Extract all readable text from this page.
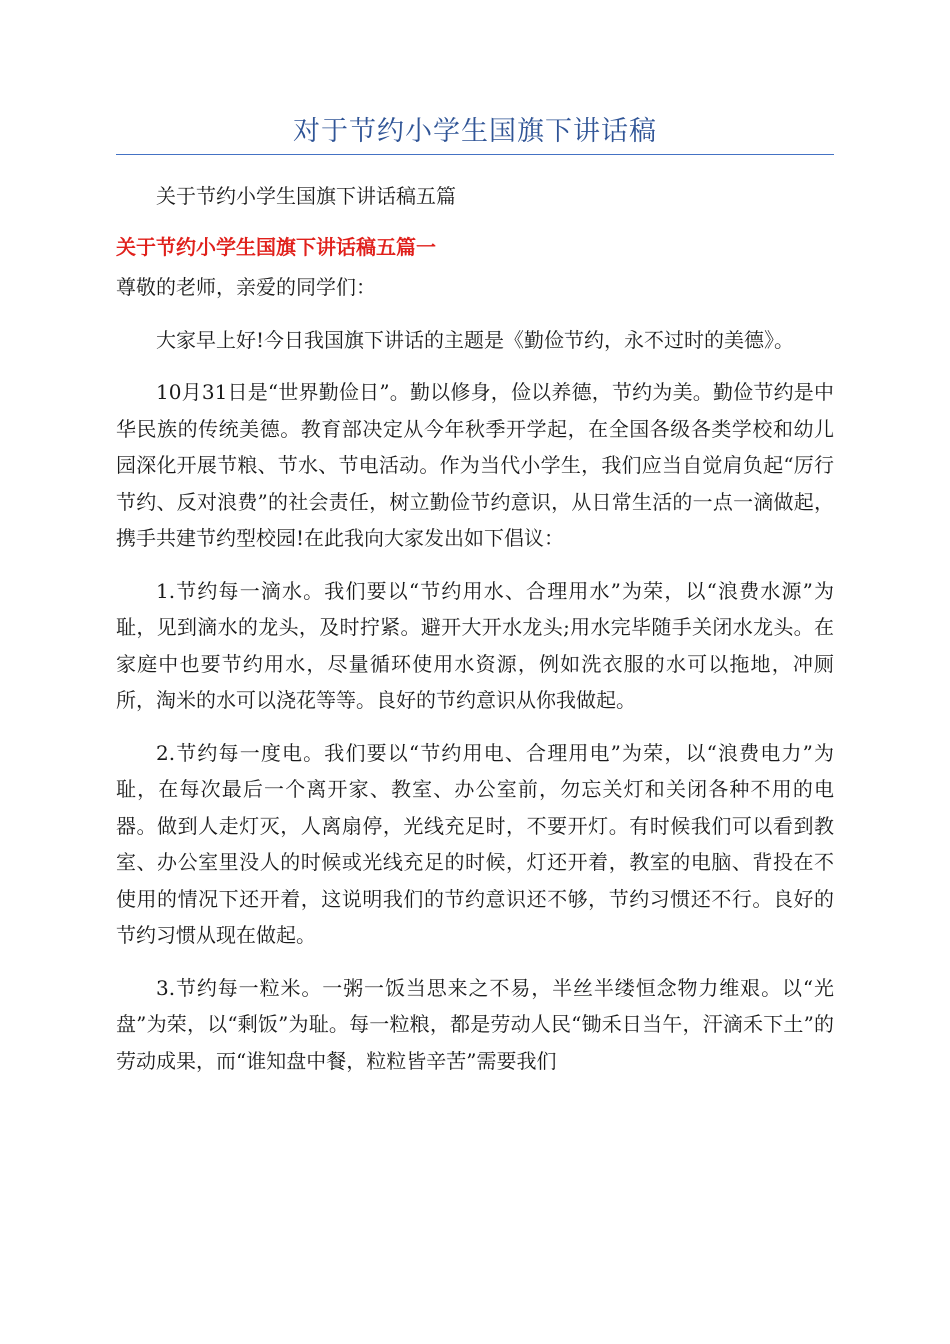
对于节约小学生国旗下讲话稿

关于节约小学生国旗下讲话稿五篇

关于节约小学生国旗下讲话稿五篇一

尊敬的老师，亲爱的同学们：

大家早上好!今日我国旗下讲话的主题是《勤俭节约，永不过时的美德》。

10月31日是“世界勤俭日”。勤以修身，俭以养德，节约为美。勤俭节约是中华民族的传统美德。教育部决定从今年秋季开学起，在全国各级各类学校和幼儿园深化开展节粮、节水、节电活动。作为当代小学生，我们应当自觉肩负起“厉行节约、反对浪费”的社会责任，树立勤俭节约意识，从日常生活的一点一滴做起，携手共建节约型校园!在此我向大家发出如下倡议：

1.节约每一滴水。我们要以“节约用水、合理用水”为荣，以“浪费水源”为耻，见到滴水的龙头，及时拧紧。避开大开水龙头;用水完毕随手关闭水龙头。在家庭中也要节约用水，尽量循环使用水资源，例如洗衣服的水可以拖地，冲厕所，淘米的水可以浇花等等。良好的节约意识从你我做起。

2.节约每一度电。我们要以“节约用电、合理用电”为荣，以“浪费电力”为耻，在每次最后一个离开家、教室、办公室前，勿忘关灯和关闭各种不用的电器。做到人走灯灭，人离扇停，光线充足时，不要开灯。有时候我们可以看到教室、办公室里没人的时候或光线充足的时候，灯还开着，教室的电脑、背投在不使用的情况下还开着，这说明我们的节约意识还不够，节约习惯还不行。良好的节约习惯从现在做起。

3.节约每一粒米。一粥一饭当思来之不易，半丝半缕恒念物力维艰。以“光盘”为荣，以“剩饭”为耻。每一粒粮，都是劳动人民“锄禾日当午，汗滴禾下土”的劳动成果，而“谁知盘中餐，粒粒皆辛苦”需要我们
